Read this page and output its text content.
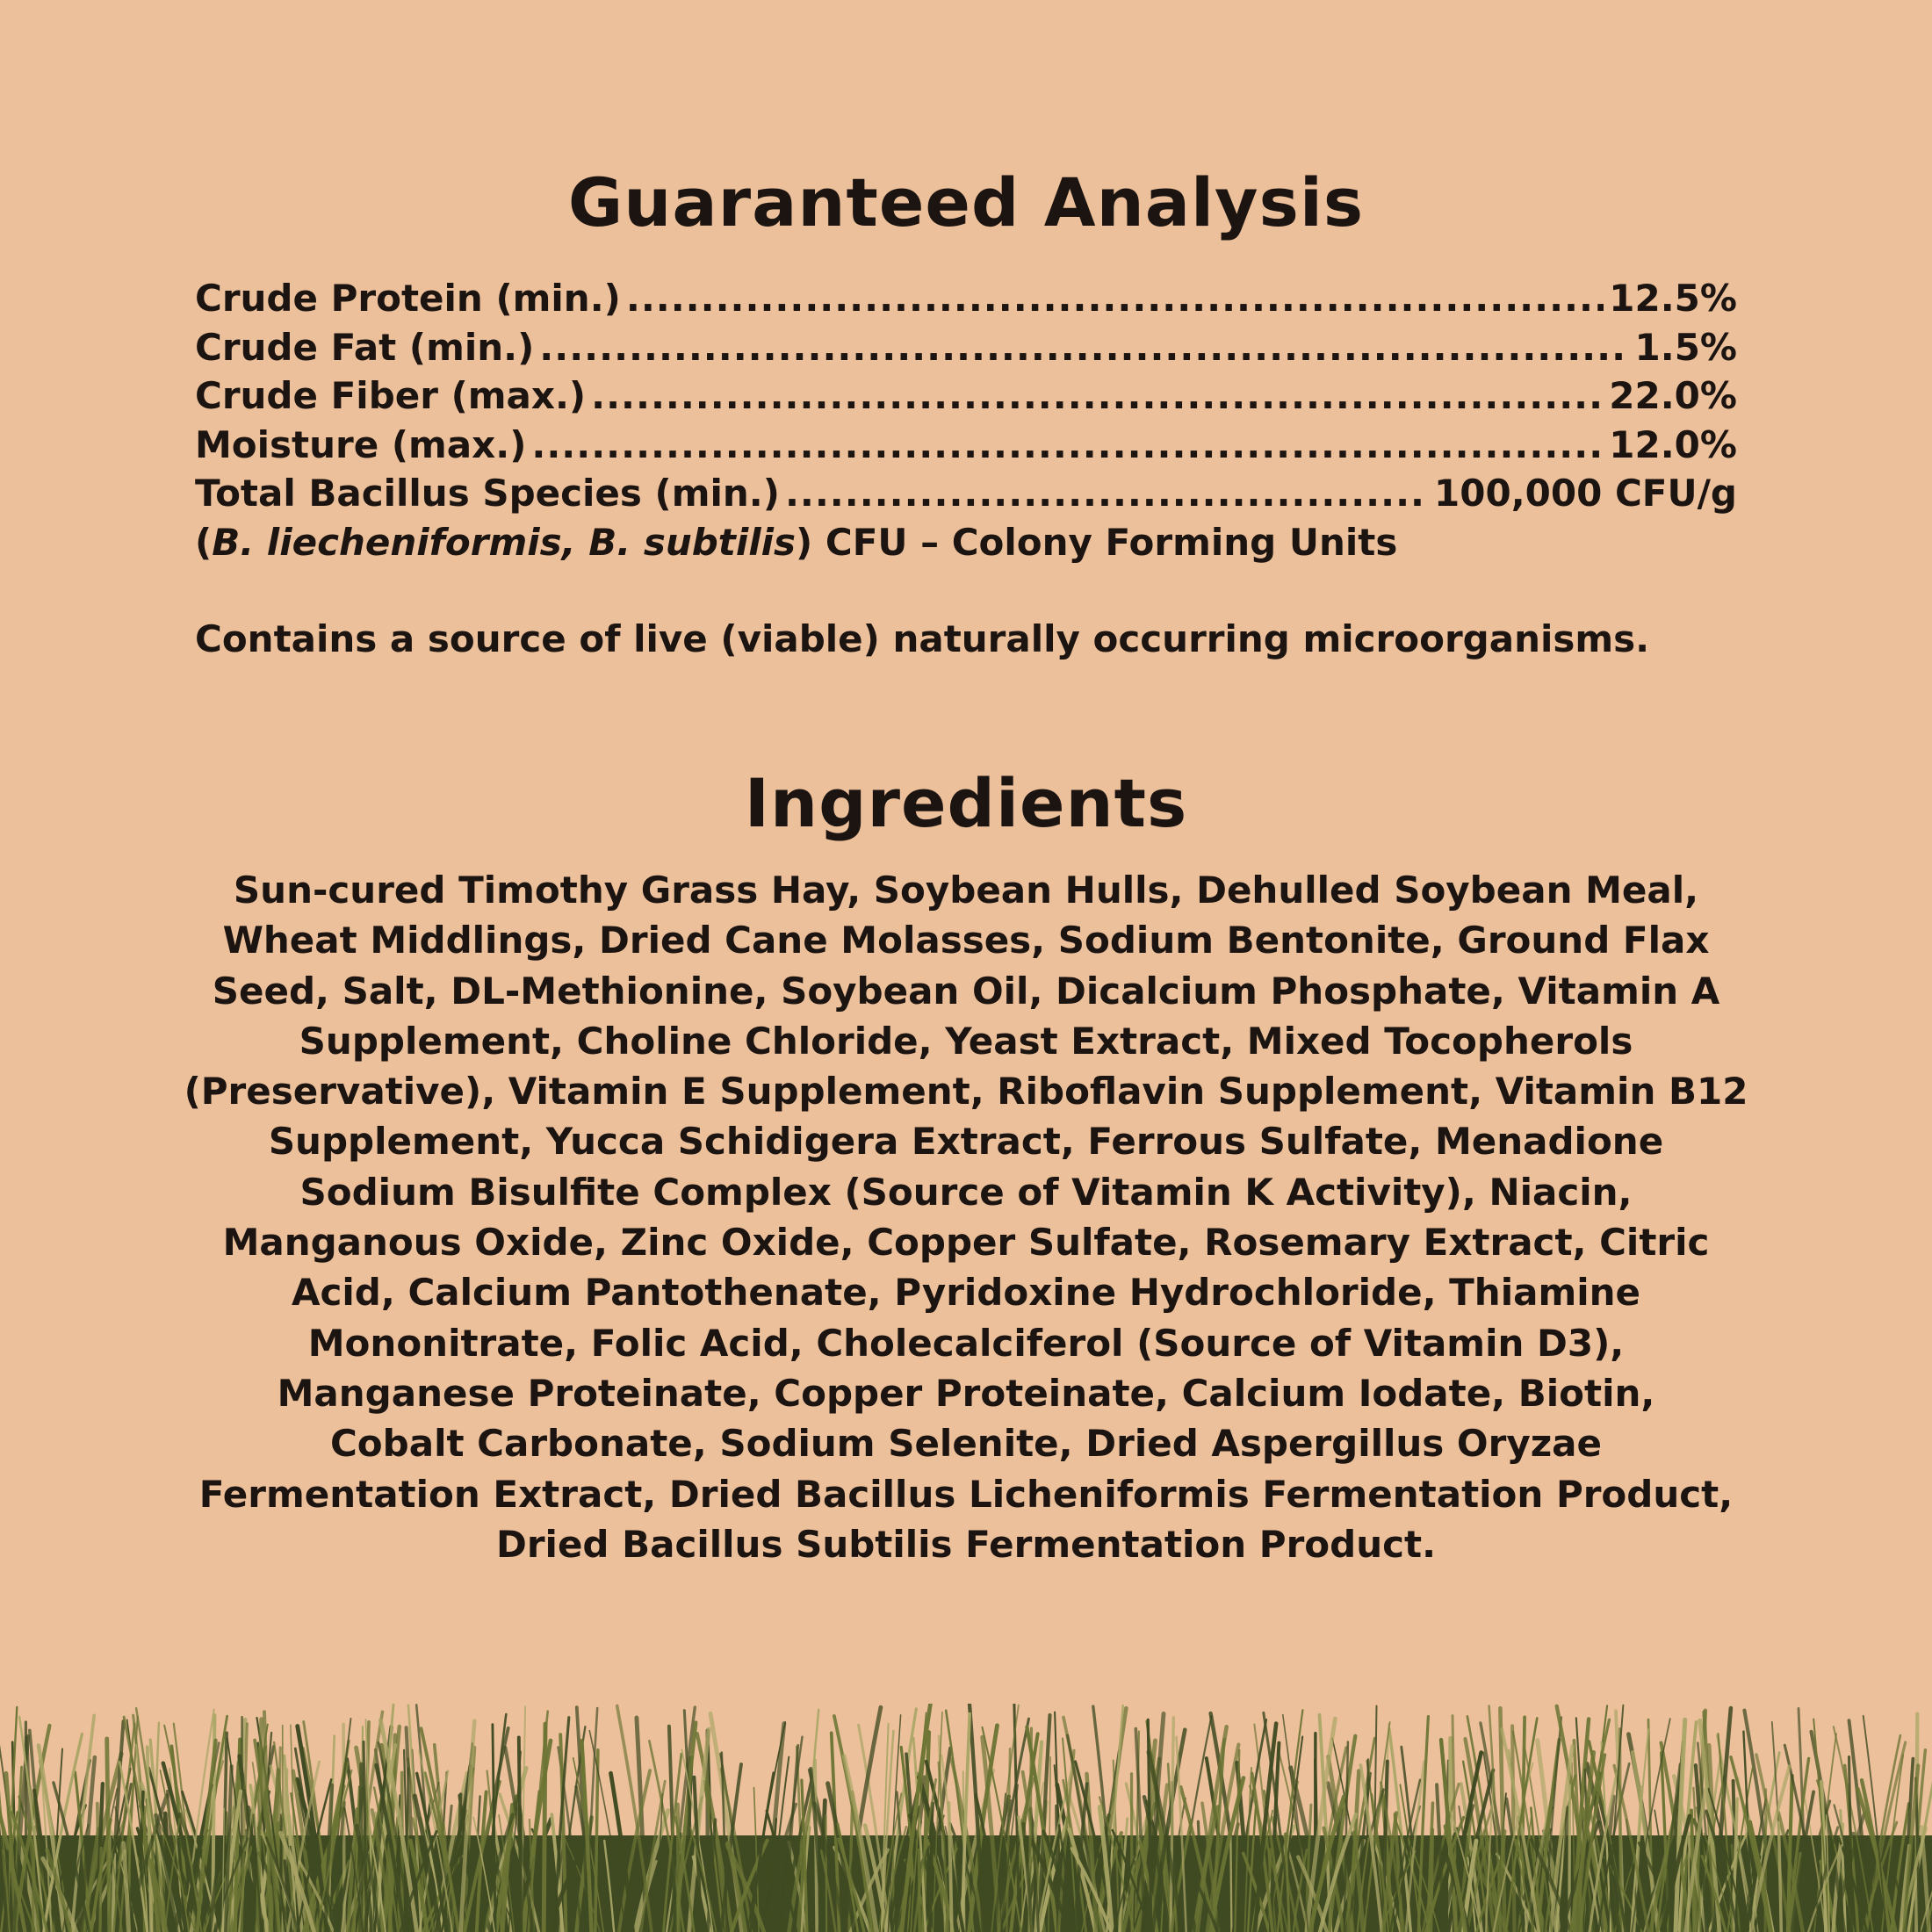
Guaranteed Analysis
Crude Protein (min.) .....	12.5%
Crude Fat (min.) .....	1.5%
Crude Fiber (max.) .....	22.0%
Moisture (max.) .....	12.0%
Total Bacillus Species (min.) .....	100,000 CFU/g
(B. liecheniformis, B. subtilis) CFU – Colony Forming Units
Contains a source of live (viable) naturally occurring microorganisms.
Ingredients
Sun-cured Timothy Grass Hay, Soybean Hulls, Dehulled Soybean Meal,
Wheat Middlings, Dried Cane Molasses, Sodium Bentonite, Ground Flax
Seed, Salt, DL-Methionine, Soybean Oil, Dicalcium Phosphate, Vitamin A
Supplement, Choline Chloride, Yeast Extract, Mixed Tocopherols
(Preservative), Vitamin E Supplement, Riboflavin Supplement, Vitamin B12
Supplement, Yucca Schidigera Extract, Ferrous Sulfate, Menadione
Sodium Bisulfite Complex (Source of Vitamin K Activity), Niacin,
Manganous Oxide, Zinc Oxide, Copper Sulfate, Rosemary Extract, Citric
Acid, Calcium Pantothenate, Pyridoxine Hydrochloride, Thiamine
Mononitrate, Folic Acid, Cholecalciferol (Source of Vitamin D3),
Manganese Proteinate, Copper Proteinate, Calcium Iodate, Biotin,
Cobalt Carbonate, Sodium Selenite, Dried Aspergillus Oryzae
Fermentation Extract, Dried Bacillus Licheniformis Fermentation Product,
Dried Bacillus Subtilis Fermentation Product.
